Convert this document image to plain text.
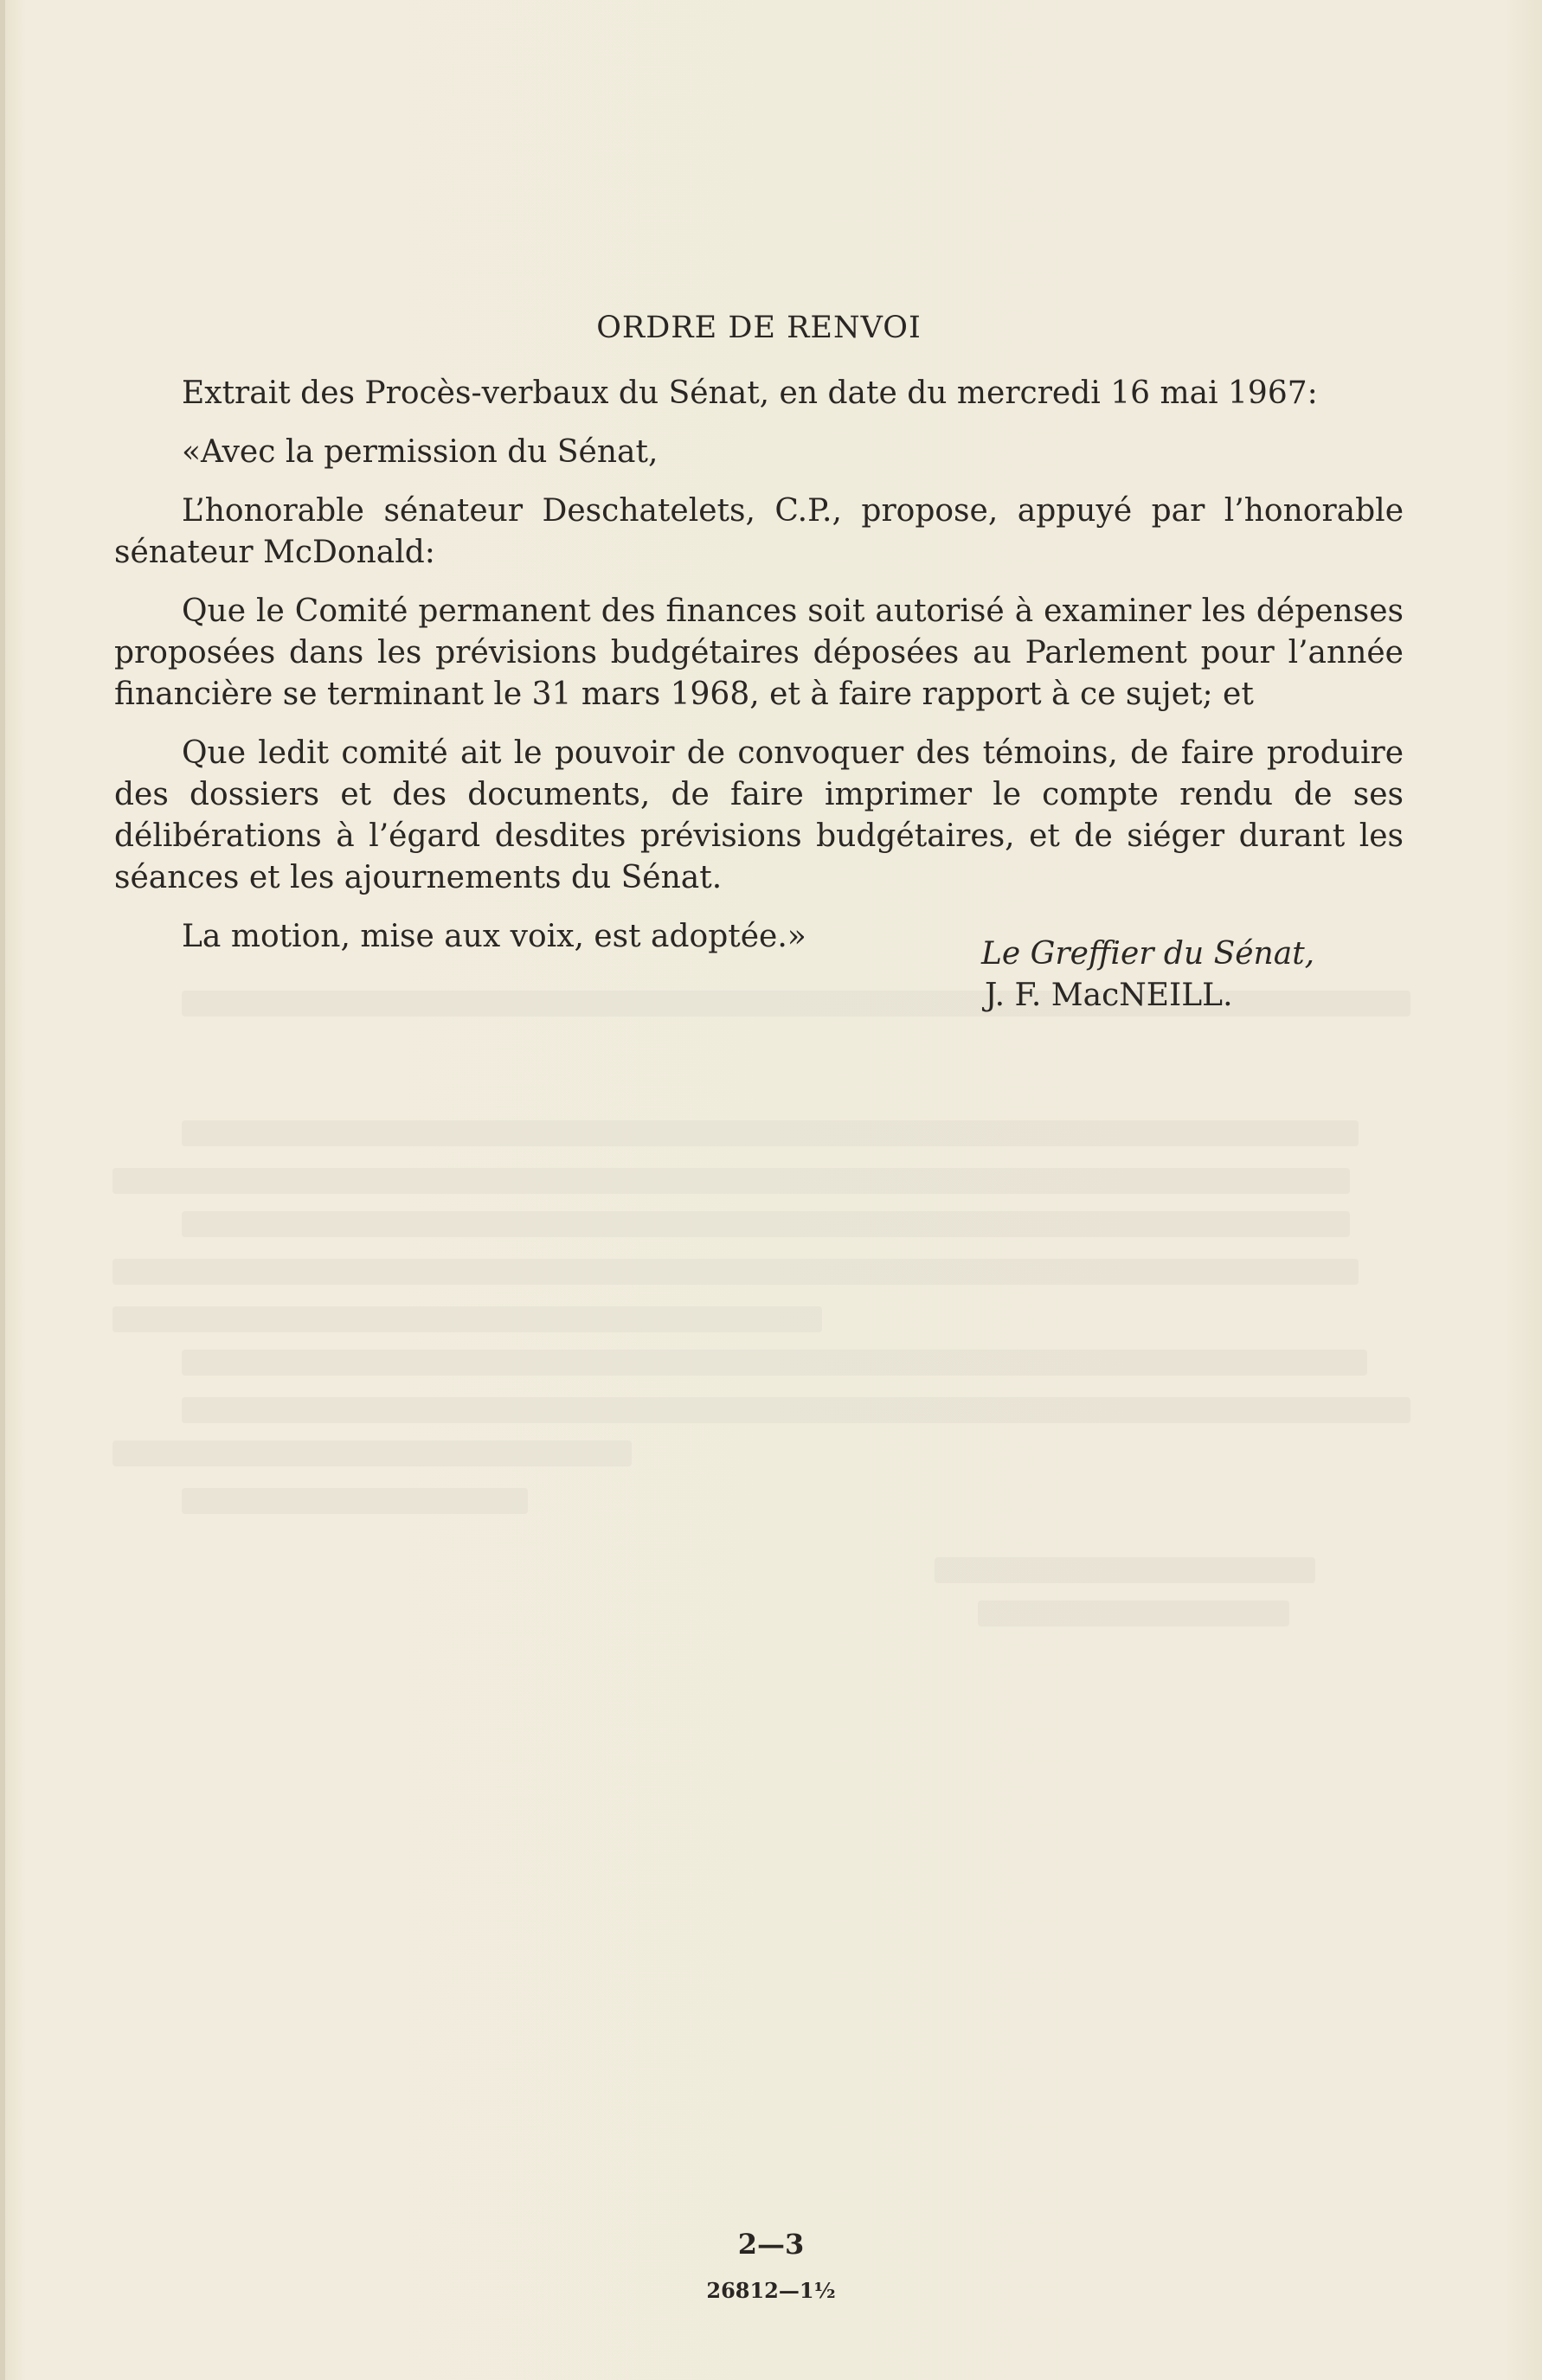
ORDRE DE RENVOI

Extrait des Procès-verbaux du Sénat, en date du mercredi 16 mai 1967:

«Avec la permission du Sénat,

L’honorable sénateur Deschatelets, C.P., propose, appuyé par l’honorable sénateur McDonald:

Que le Comité permanent des finances soit autorisé à examiner les dépenses proposées dans les prévisions budgétaires déposées au Parlement pour l’année financière se terminant le 31 mars 1968, et à faire rapport à ce sujet; et

Que ledit comité ait le pouvoir de convoquer des témoins, de faire produire des dossiers et des documents, de faire imprimer le compte rendu de ses délibérations à l’égard desdites prévisions budgétaires, et de siéger durant les séances et les ajournements du Sénat.

La motion, mise aux voix, est adoptée.»	Le Greffier du Sénat,
J. F. MacNEILL.
2—3
26812—1½
